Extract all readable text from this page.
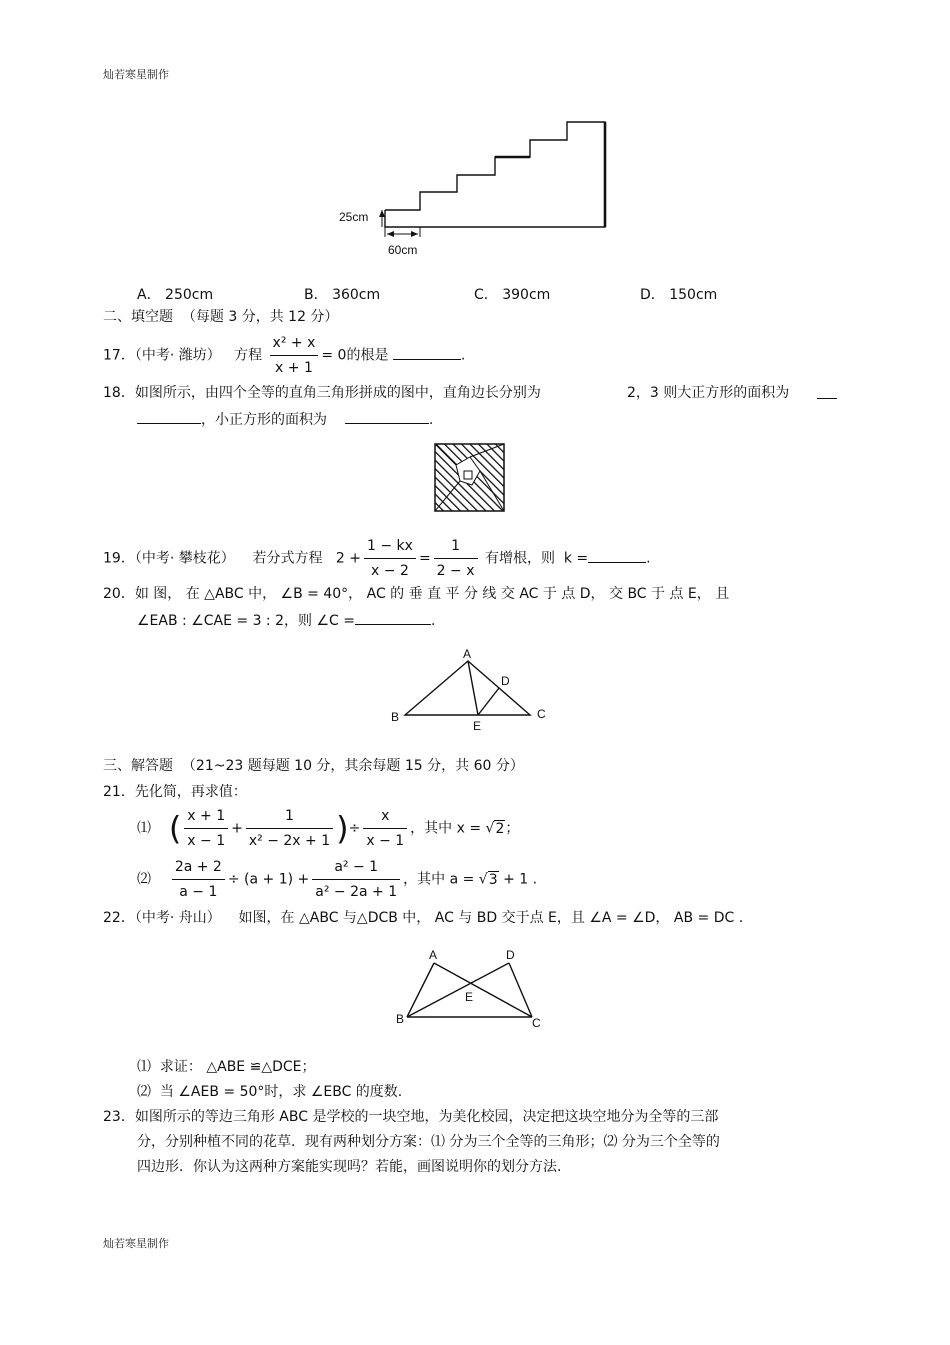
灿若寒星制作
25cm
60cm
A． 250cm	B． 360cm	C． 390cm	D． 150cm
二、填空题 （每题 3 分，共 12 分）
17．（中考· 潍坊） 方程 $\frac{\text{x² + x}}{x + 1} = 0$的根是	.
18．如图所示，由四个全等的直角三角形拼成的图中，直角边长分别为	2，3 则大正方形的面积为
，小正方形的面积为	.
19．（中考· 攀枝花） 若分式方程 $2 + \frac{1 - kx}{x - 2} = \frac{1}{2 - x}$ 有增根，则 k =	.
20．如 图， 在 △ABC 中， ∠B = 40°， AC 的 垂 直 平 分 线 交 AC 于 点 D， 交 BC 于 点 E， 且
∠EAB : ∠CAE = 3 : 2，则 ∠C =	.
A
B	C
D
E
三、解答题 （21~23 题每题 10 分，其余每题 15 分，共 60 分）
21．先化简，再求值：
⑴ ( $\frac{x + 1}{x - 1} + \frac{1}{\text{x² − 2x + 1}}$ )÷ $\frac{x}{x - 1}$ ，其中 x = √2；
⑵ $\frac{2a + 2}{a - 1} \div (a + 1) + \frac{\text{a² − 1}}{\text{a² − 2a + 1}}$ ，其中 a = √3 + 1 .
22．（中考· 舟山） 如图，在 △ABC 与△DCB 中， AC 与 BD 交于点 E，且 ∠A = ∠D， AB = DC .
A
B	C
D
E
⑴ 求证： △ABE ≌△DCE；
⑵ 当 ∠AEB = 50°时，求 ∠EBC 的度数.
23．如图所示的等边三角形 ABC 是学校的一块空地，为美化校园，决定把这块空地分为全等的三部
分，分别种植不同的花草．现有两种划分方案：⑴ 分为三个全等的三角形；⑵ 分为三个全等的
四边形．你认为这两种方案能实现吗？若能，画图说明你的划分方法.
灿若寒星制作
